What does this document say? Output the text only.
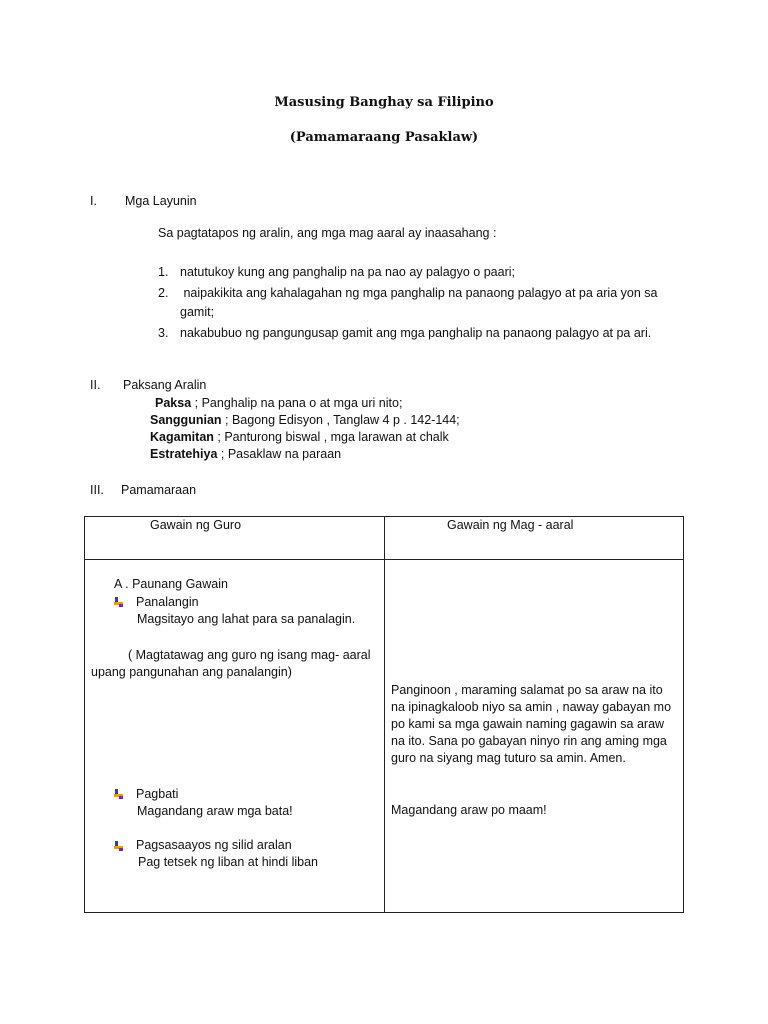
Masusing Banghay sa Filipino
(Pamamaraang Pasaklaw)
I. Mga Layunin
Sa pagtatapos ng aralin, ang mga mag aaral ay inaasahang :
1. natutukoy kung ang panghalip na pa nao ay palagyo o paari;
2. naipakikita ang kahalagahan ng mga panghalip na panaong palagyo at pa aria yon sa
gamit;
3. nakabubuo ng pangungusap gamit ang mga panghalip na panaong palagyo at pa ari.
II. Paksang Aralin
Paksa ; Panghalip na pana o at mga uri nito;
Sanggunian ; Bagong Edisyon , Tanglaw 4 p . 142-144;
Kagamitan ; Panturong biswal , mga larawan at chalk
Estratehiya ; Pasaklaw na paraan
III. Pamamaraan
Gawain ng Guro	Gawain ng Mag - aaral
A . Paunang Gawain
Panalangin
Magsitayo ang lahat para sa panalagin.
( Magtatawag ang guro ng isang mag- aaral
upang pangunahan ang panalangin)
Pagbati
Magandang araw mga bata!
Pagsasaayos ng silid aralan
Pag tetsek ng liban at hindi liban
Panginoon , maraming salamat po sa araw na ito
na ipinagkaloob niyo sa amin , naway gabayan mo
po kami sa mga gawain naming gagawin sa araw
na ito. Sana po gabayan ninyo rin ang aming mga
guro na siyang mag tuturo sa amin. Amen.
Magandang araw po maam!
